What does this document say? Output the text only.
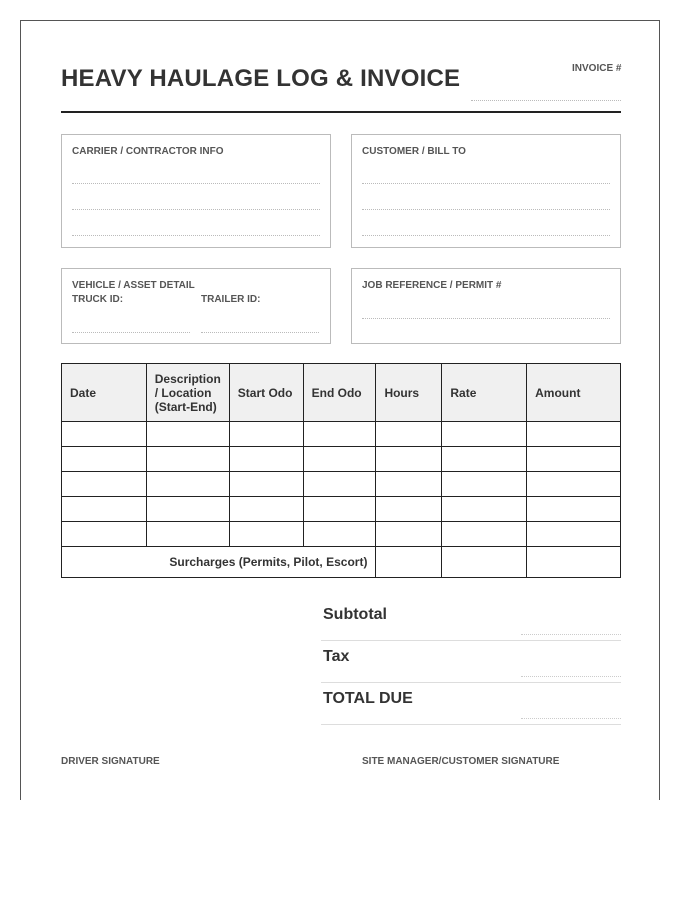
HEAVY HAULAGE LOG & INVOICE	INVOICE #
CARRIER / CONTRACTOR INFO	CUSTOMER / BILL TO
VEHICLE / ASSET DETAIL
TRUCK ID:	TRAILER ID:
JOB REFERENCE / PERMIT #
Date	Description
/ Location
(Start-End)	Start Odo	End Odo	Hours	Rate	Amount

Surcharges (Permits, Pilot, Escort)						
Subtotal
Tax
TOTAL DUE
DRIVER SIGNATURE	SITE MANAGER/CUSTOMER SIGNATURE
